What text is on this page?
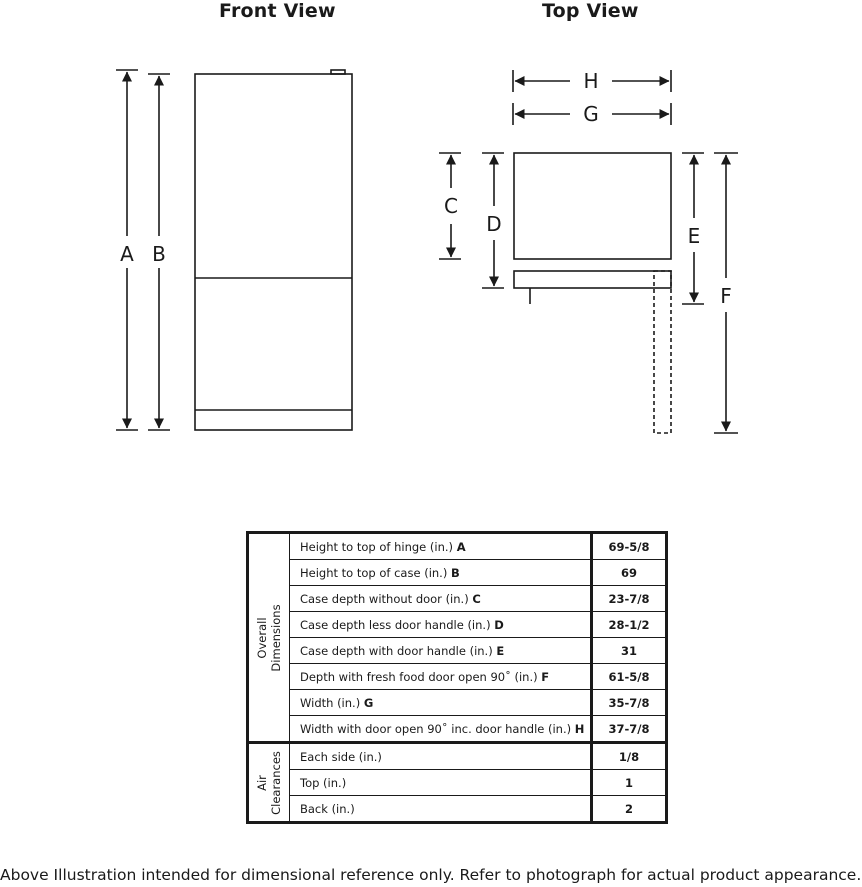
Front View	Top View
A B
H
G
C
D	E
F
Overall Dimensions	Height to top of hinge (in.) A	69-5/8
	Height to top of case (in.) B	69
	Case depth without door (in.) C	23-7/8
	Case depth less door handle (in.) D	28-1/2
	Case depth with door handle (in.) E	31
	Depth with fresh food door open 90˚ (in.) F	61-5/8
	Width (in.) G	35-7/8
	Width with door open 90˚ inc. door handle (in.) H	37-7/8

Air Clearances	Each side (in.)	1/8
	Top (in.)	1
	Back (in.)	2
Above Illustration intended for dimensional reference only. Refer to photograph for actual product appearance.
